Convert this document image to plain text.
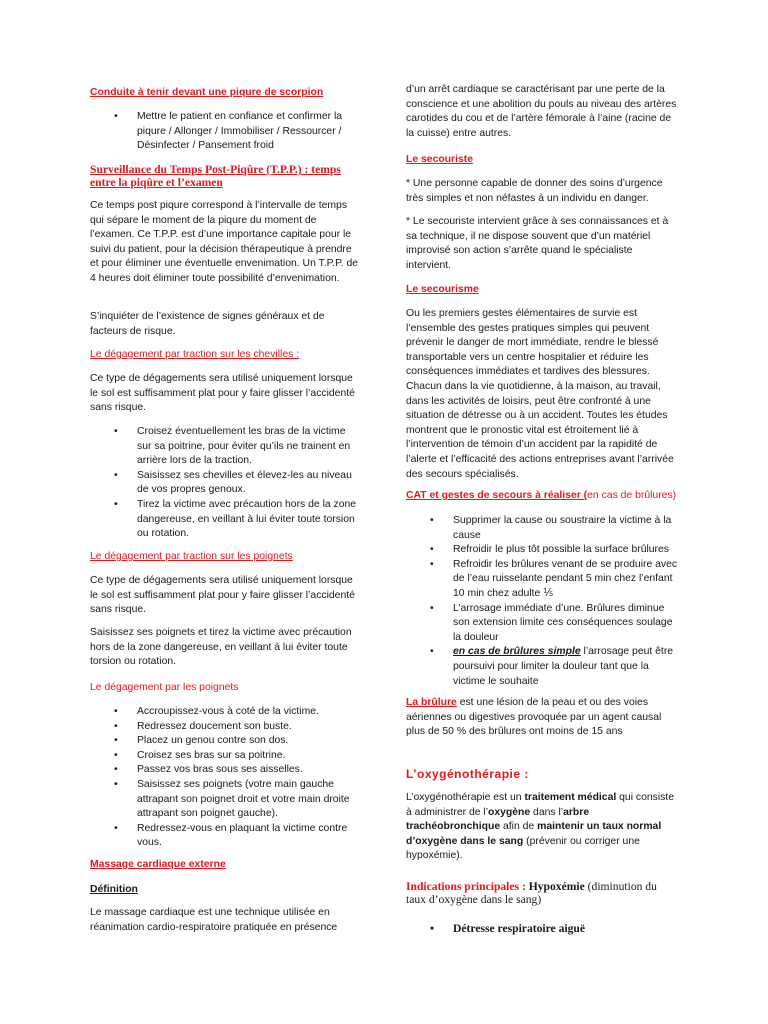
Conduite à tenir devant une piqure de scorpion
• Mettre le patient en confiance et confirmer la piqure / Allonger / Immobiliser / Ressourcer / Désinfecter / Pansement froid
Surveillance du Temps Post-Piqûre (T.P.P.) : temps entre la piqûre et l’examen

Ce temps post piqure correspond à l’intervalle de temps qui sépare le moment de la piqure du moment de l’examen. Ce T.P.P. est d’une importance capitale pour le suivi du patient, pour la décision thérapeutique à prendre et pour éliminer une éventuelle envenimation. Un T.P.P. de 4 heures doit éliminer toute possibilité d’envenimation.

S’inquiéter de l’existence de signes généraux et de facteurs de risque.

Le dégagement par traction sur les chevilles :

Ce type de dégagements sera utilisé uniquement lorsque le sol est suffisamment plat pour y faire glisser l’accidenté sans risque.

• Croisez éventuellement les bras de la victime sur sa poitrine, pour éviter qu’ils ne trainent en arrière lors de la traction.
• Saisissez ses chevilles et élevez-les au niveau de vos propres genoux.
• Tirez la victime avec précaution hors de la zone dangereuse, en veillant à lui éviter toute torsion ou rotation.
Le dégagement par traction sur les poignets

Ce type de dégagements sera utilisé uniquement lorsque le sol est suffisamment plat pour y faire glisser l’accidenté sans risque.

Saisissez ses poignets et tirez la victime avec précaution hors de la zone dangereuse, en veillant à lui éviter toute torsion ou rotation.

Le dégagement par les poignets
• Accroupissez-vous à coté de la victime.
• Redressez doucement son buste.
• Placez un genou contre son dos.
• Croisez ses bras sur sa poitrine.
• Passez vos bras sous ses aisselles.
• Saisissez ses poignets (votre main gauche attrapant son poignet droit et votre main droite attrapant son poignet gauche).
• Redressez-vous en plaquant la victime contre vous.
Massage cardiaque externe
Définition

Le massage cardiaque est une technique utilisée en réanimation cardio-respiratoire pratiquée en présence

d’un arrêt cardiaque se caractérisant par une perte de la conscience et une abolition du pouls au niveau des artères carotides du cou et de l’artère fémorale à l’aine (racine de la cuisse) entre autres.

Le secouriste

* Une personne capable de donner des soins d’urgence très simples et non néfastes à un individu en danger.

* Le secouriste intervient grâce à ses connaissances et à sa technique, il ne dispose souvent que d’un matériel improvisé son action s’arrête quand le spécialiste intervient.

Le secourisme

Ou les premiers gestes élémentaires de survie est l’ensemble des gestes pratiques simples qui peuvent prévenir le danger de mort immédiate, rendre le blessé transportable vers un centre hospitalier et réduire les conséquences immédiates et tardives des blessures. Chacun dans la vie quotidienne, à la maison, au travail, dans les activités de loisirs, peut être confronté à une situation de détresse ou à un accident. Toutes les études montrent que le pronostic vital est étroitement lié à l’intervention de témoin d’un accident par la rapidité de l’alerte et l’efficacité des actions entreprises avant l’arrivée des secours spécialisés.

CAT et gestes de secours à réaliser (en cas de brûlures)
• Supprimer la cause ou soustraire la victime à la cause
• Refroidir le plus tôt possible la surface brûlures
• Refroidir les brûlures venant de se produire avec de l’eau ruisselante pendant 5 min chez l’enfant 10 min chez adulte ⅕
• L’arrosage immédiate d’une. Brûlures diminue son extension limite ces conséquences soulage la douleur
• en cas de brûlures simple l’arrosage peut être poursuivi pour limiter la douleur tant que la victime le souhaite

La brûlure est une lésion de la peau et ou des voies aériennes ou digestives provoquée par un agent causal plus de 50 % des brûlures ont moins de 15 ans

L’oxygénothérapie :

L’oxygénothérapie est un traitement médical qui consiste à administrer de l’oxygène dans l’arbre trachéobronchique afin de maintenir un taux normal d’oxygène dans le sang (prévenir ou corriger une hypoxémie).

Indications principales : Hypoxémie (diminution du taux d’oxygène dans le sang)

• Détresse respiratoire aiguë
